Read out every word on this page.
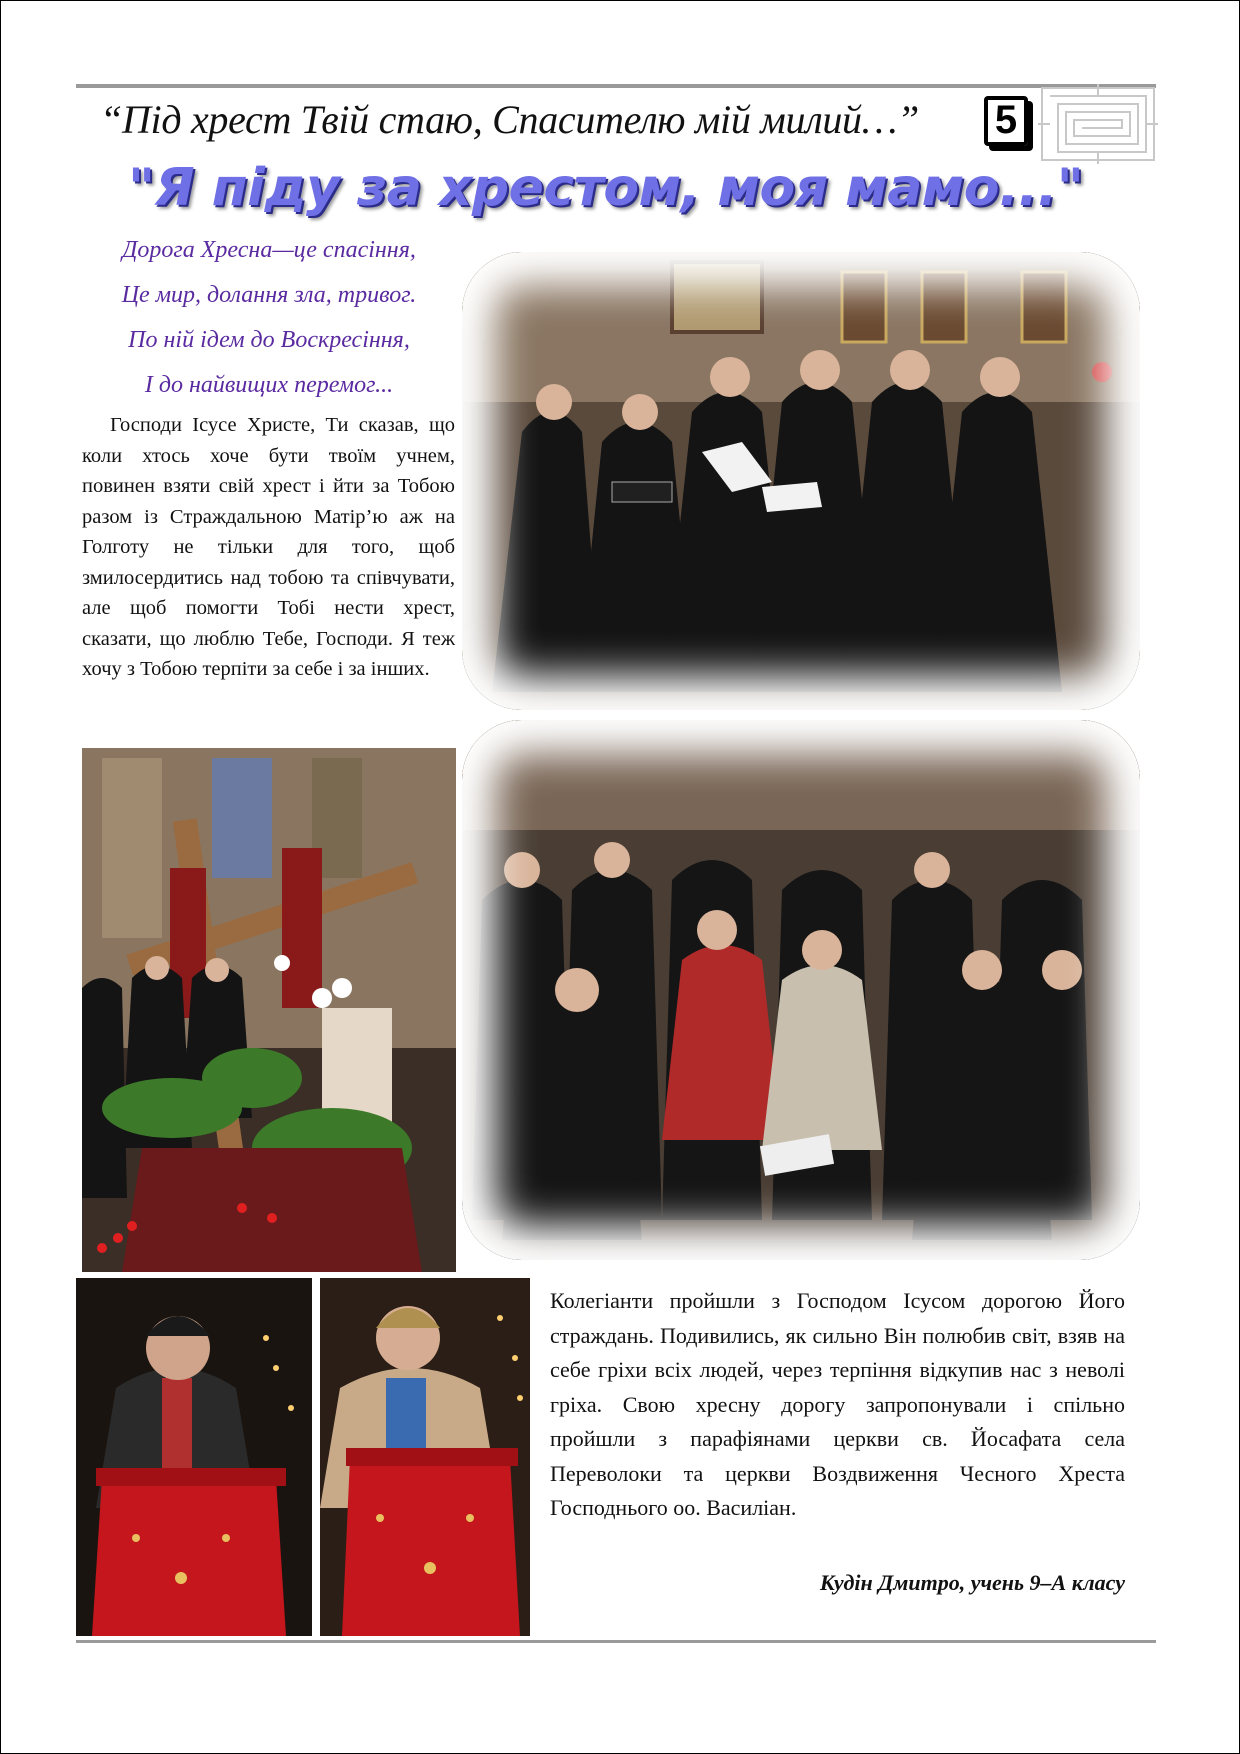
“Під хрест Твій стаю, Спасителю мій милий…”	5
"Я піду за хрестом, моя мамо..."
Дорога Хресна—це спасіння,
Це мир, долання зла, тривог.
По ній ідем до Воскресіння,
І до найвищих перемог...
Господи Ісусе Христе, Ти сказав, що коли хтось хоче бути твоїм учнем, повинен взяти свій хрест і йти за Тобою разом із Страждальною Матір’ю аж на Голготу не тільки для того, щоб змилосердитись над тобою та співчувати, але щоб помогти Тобі нести хрест, сказати, що люблю Тебе, Господи. Я теж хочу з Тобою терпіти за себе і за інших.
Колегіанти пройшли з Господом Ісусом дорогою Його страждань. Подивились, як сильно Він полюбив світ, взяв на себе гріхи всіх людей, через терпіння відкупив нас з неволі гріха. Свою хресну дорогу запропонували і спільно пройшли з парафіянами церкви св. Йосафата села Переволоки та церкви Воздвиження Чесного Хреста Господнього оо. Василіан.
Кудін Дмитро, учень 9–А класу
